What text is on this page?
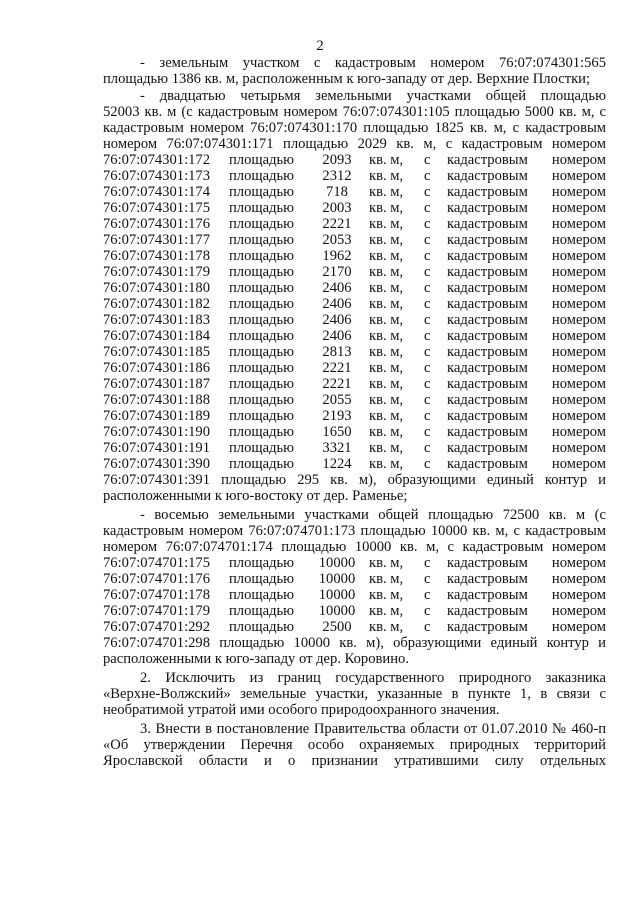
2
- земельным участком с кадастровым номером 76:07:074301:565
площадью 1386 кв. м, расположенным к юго-западу от дер. Верхние Плостки;
- двадцатью четырьмя земельными участками общей площадью
52003 кв. м (с кадастровым номером 76:07:074301:105 площадью 5000 кв. м, с
кадастровым номером 76:07:074301:170 площадью 1825 кв. м, с кадастровым
номером 76:07:074301:171 площадью 2029 кв. м, с кадастровым номером
76:07:074301:172 площадью	2093	кв. м, с кадастровым номером
76:07:074301:173 площадью	2312	кв. м, с кадастровым номером
76:07:074301:174 площадью	718	кв. м, с кадастровым номером
76:07:074301:175 площадью	2003	кв. м, с кадастровым номером
76:07:074301:176 площадью	2221	кв. м, с кадастровым номером
76:07:074301:177 площадью	2053	кв. м, с кадастровым номером
76:07:074301:178 площадью	1962	кв. м, с кадастровым номером
76:07:074301:179 площадью	2170	кв. м, с кадастровым номером
76:07:074301:180 площадью	2406	кв. м, с кадастровым номером
76:07:074301:182 площадью	2406	кв. м, с кадастровым номером
76:07:074301:183 площадью	2406	кв. м, с кадастровым номером
76:07:074301:184 площадью	2406	кв. м, с кадастровым номером
76:07:074301:185 площадью	2813	кв. м, с кадастровым номером
76:07:074301:186 площадью	2221	кв. м, с кадастровым номером
76:07:074301:187 площадью	2221	кв. м, с кадастровым номером
76:07:074301:188 площадью	2055	кв. м, с кадастровым номером
76:07:074301:189 площадью	2193	кв. м, с кадастровым номером
76:07:074301:190 площадью	1650	кв. м, с кадастровым номером
76:07:074301:191 площадью	3321	кв. м, с кадастровым номером
76:07:074301:390 площадью	1224	кв. м, с кадастровым номером
76:07:074301:391 площадью 295 кв. м), образующими единый контур и
расположенными к юго-востоку от дер. Раменье;
- восемью земельными участками общей площадью 72500 кв. м (с
кадастровым номером 76:07:074701:173 площадью 10000 кв. м, с кадастровым
номером 76:07:074701:174 площадью 10000 кв. м, с кадастровым номером
76:07:074701:175 площадью 10000 кв. м, с кадастровым номером
76:07:074701:176 площадью 10000 кв. м, с кадастровым номером
76:07:074701:178 площадью 10000 кв. м, с кадастровым номером
76:07:074701:179 площадью 10000 кв. м, с кадастровым номером
76:07:074701:292 площадью	2500	кв. м, с кадастровым номером
76:07:074701:298 площадью 10000 кв. м), образующими единый контур и
расположенными к юго-западу от дер. Коровино.
2. Исключить из границ государственного природного заказника
«Верхне-Волжский» земельные участки, указанные в пункте 1, в связи с
необратимой утратой ими особого природоохранного значения.
3. Внести в постановление Правительства области от 01.07.2010 № 460-п
«Об утверждении Перечня особо охраняемых природных территорий
Ярославской области и о признании утратившими силу отдельных
